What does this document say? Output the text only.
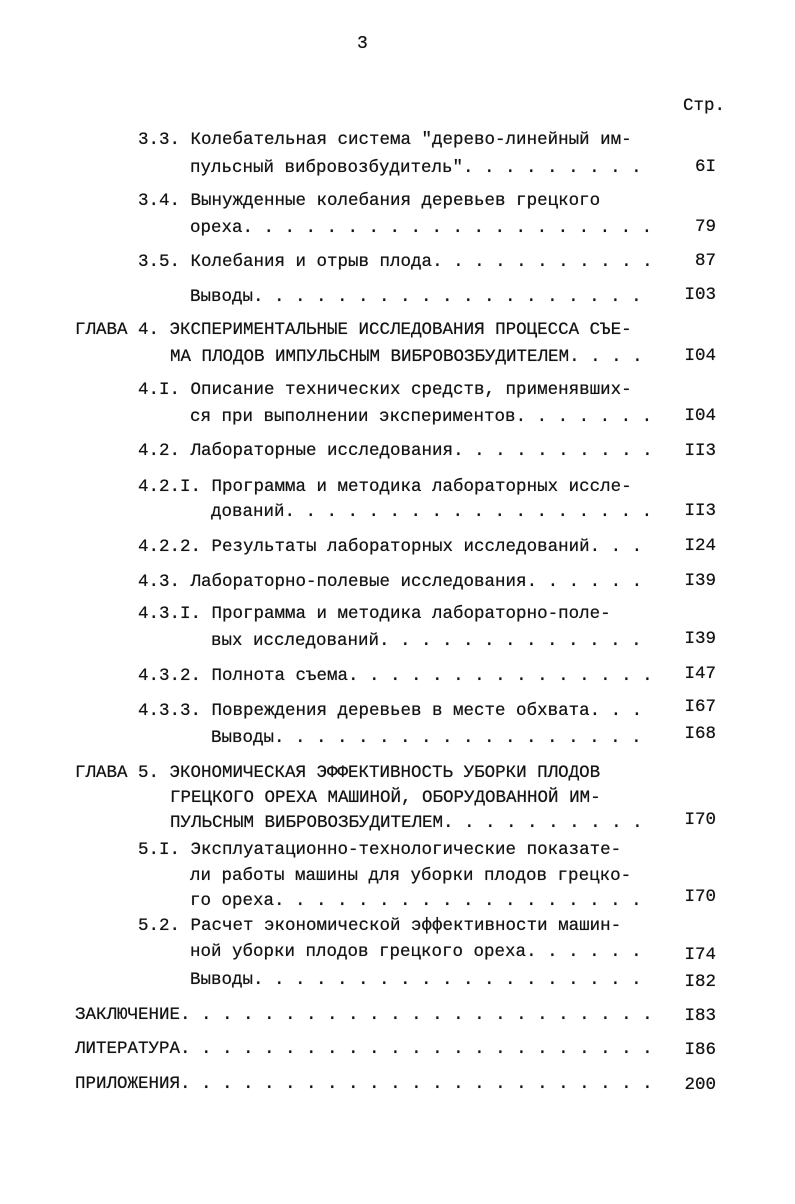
3
Стр.
3.3. Колебательная система "дерево-линейный им-
пульсный вибровозбудитель" . . .	6I
3.4. Вынужденные колебания деревьев грецкого
ореха . . .	79
3.5. Колебания и отрыв плода . . .	87
Выводы . . .	I03
ГЛАВА 4. ЭКСПЕРИМЕНТАЛЬНЫЕ ИССЛЕДОВАНИЯ ПРОЦЕССА СЪЕ-
МА ПЛОДОВ ИМПУЛЬСНЫМ ВИБРОВОЗБУДИТЕЛЕМ . . .	I04
4.I. Описание технических средств, применявших-
ся при выполнении экспериментов . . .	I04
4.2. Лабораторные исследования . . .	II3
4.2.I. Программа и методика лабораторных иссле-
дований . . .	II3
4.2.2. Результаты лабораторных исследований . . .	I24
4.3. Лабораторно-полевые исследования . . .	I39
4.3.I. Программа и методика лабораторно-поле-
вых исследований . . .	I39
4.3.2. Полнота съема . . .	I47
4.3.3. Повреждения деревьев в месте обхвата . . .	I67
Выводы . . .	I68
ГЛАВА 5. ЭКОНОМИЧЕСКАЯ ЭФФЕКТИВНОСТЬ УБОРКИ ПЛОДОВ
ГРЕЦКОГО ОРЕХА МАШИНОЙ, ОБОРУДОВАННОЙ ИМ-
ПУЛЬСНЫМ ВИБРОВОЗБУДИТЕЛЕМ . . .	I70
5.I. Эксплуатационно-технологические показате-
ли работы машины для уборки плодов грецко-
го ореха . . .	I70
5.2. Расчет экономической эффективности машин-
ной уборки плодов грецкого ореха . . .	I74
Выводы . . .	I82
ЗАКЛЮЧЕНИЕ . . .	I83
ЛИТЕРАТУРА . . .	I86
ПРИЛОЖЕНИЯ . . .	200
